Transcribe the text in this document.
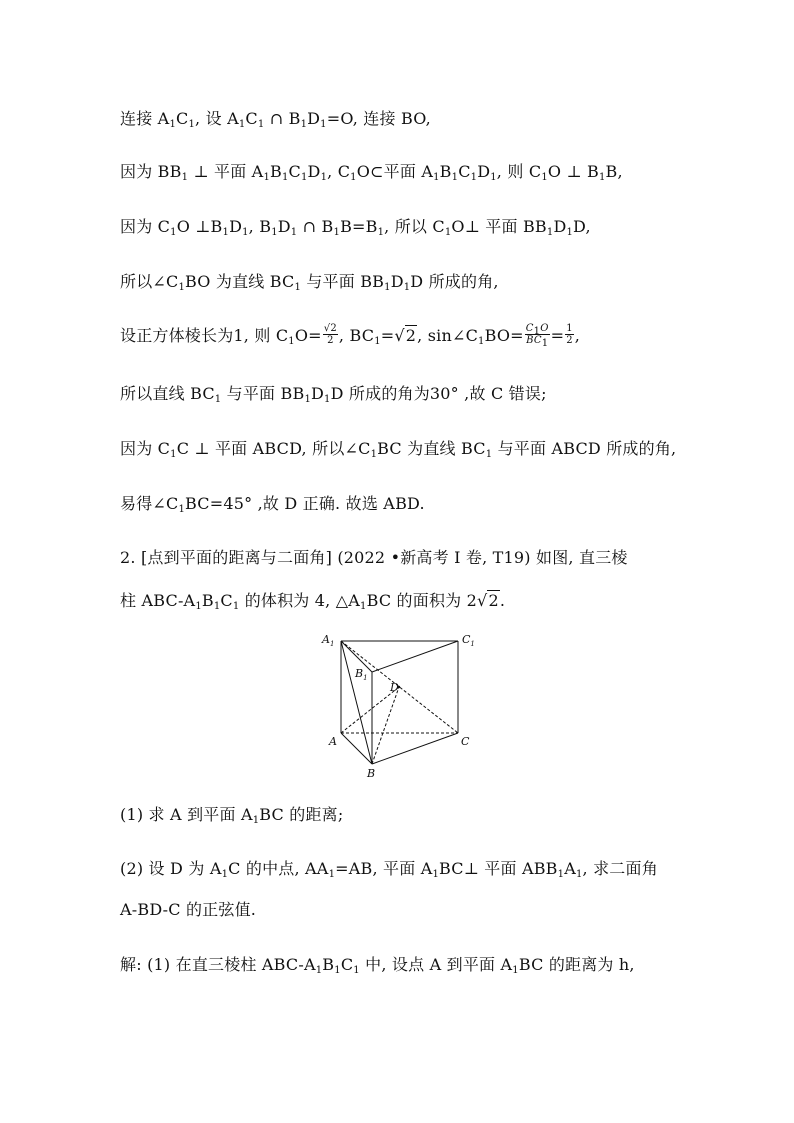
连接 $A_1C_1$, 设 $A_1C_1$ ∩ $B_1D_1=O$, 连接 BO,
因为 $BB_1$ ⊥ 平面 $A_1B_1C_1D_1$, $C_1O\subset$平面 $A_1B_1C_1D_1$, 则 $C_1O$ ⊥ $B_1B$,
因为 $C_1O$ $\perp B_1D_1$, $B_1D_1$ ∩ $B_1B=B_1$, 所以 $C_1O\perp$ 平面 $BB_1D_1D$,
所以$\angle C_1BO$ 为直线 $BC_1$ 与平面 $BB_1D_1D$ 所成的角,
设正方体棱长为1, 则 $C_1O= \frac{√2}{2}$ , $BC_1=√2$, $\sin\angle C_1BO= \frac{C_1O}{BC_1} = \frac{1}{2}$ ,
所以直线 $BC_1$ 与平面 $BB_1D_1D$ 所成的角为30° ,故 C 错误;
因为 $C_1C$ ⊥ 平面 ABCD, 所以$\angle C_1BC$ 为直线 $BC_1$ 与平面 ABCD 所成的角,
易得$\angle C_1BC=45^\circ$ ,故 D 正确. 故选 ABD.
2. [点到平面的距离与二面角] (2022 •新高考 Ⅰ 卷, T19) 如图, 直三棱
柱 ABC-$A_1B_1C_1$ 的体积为 4, $\triangle A_1BC$ 的面积为 2√2.
$A_1$	$C_1$
$B_1$
D
A	C
B
(1) 求 A 到平面 $A_1BC$ 的距离;
(2) 设 D 为 $A_1C$ 的中点, $AA_1=AB$, 平面 $A_1BC\perp$ 平面 $ABB_1A_1$, 求二面角
A-BD-C 的正弦值.
解: (1) 在直三棱柱 ABC-$A_1B_1C_1$ 中, 设点 A 到平面 $A_1BC$ 的距离为 h,
